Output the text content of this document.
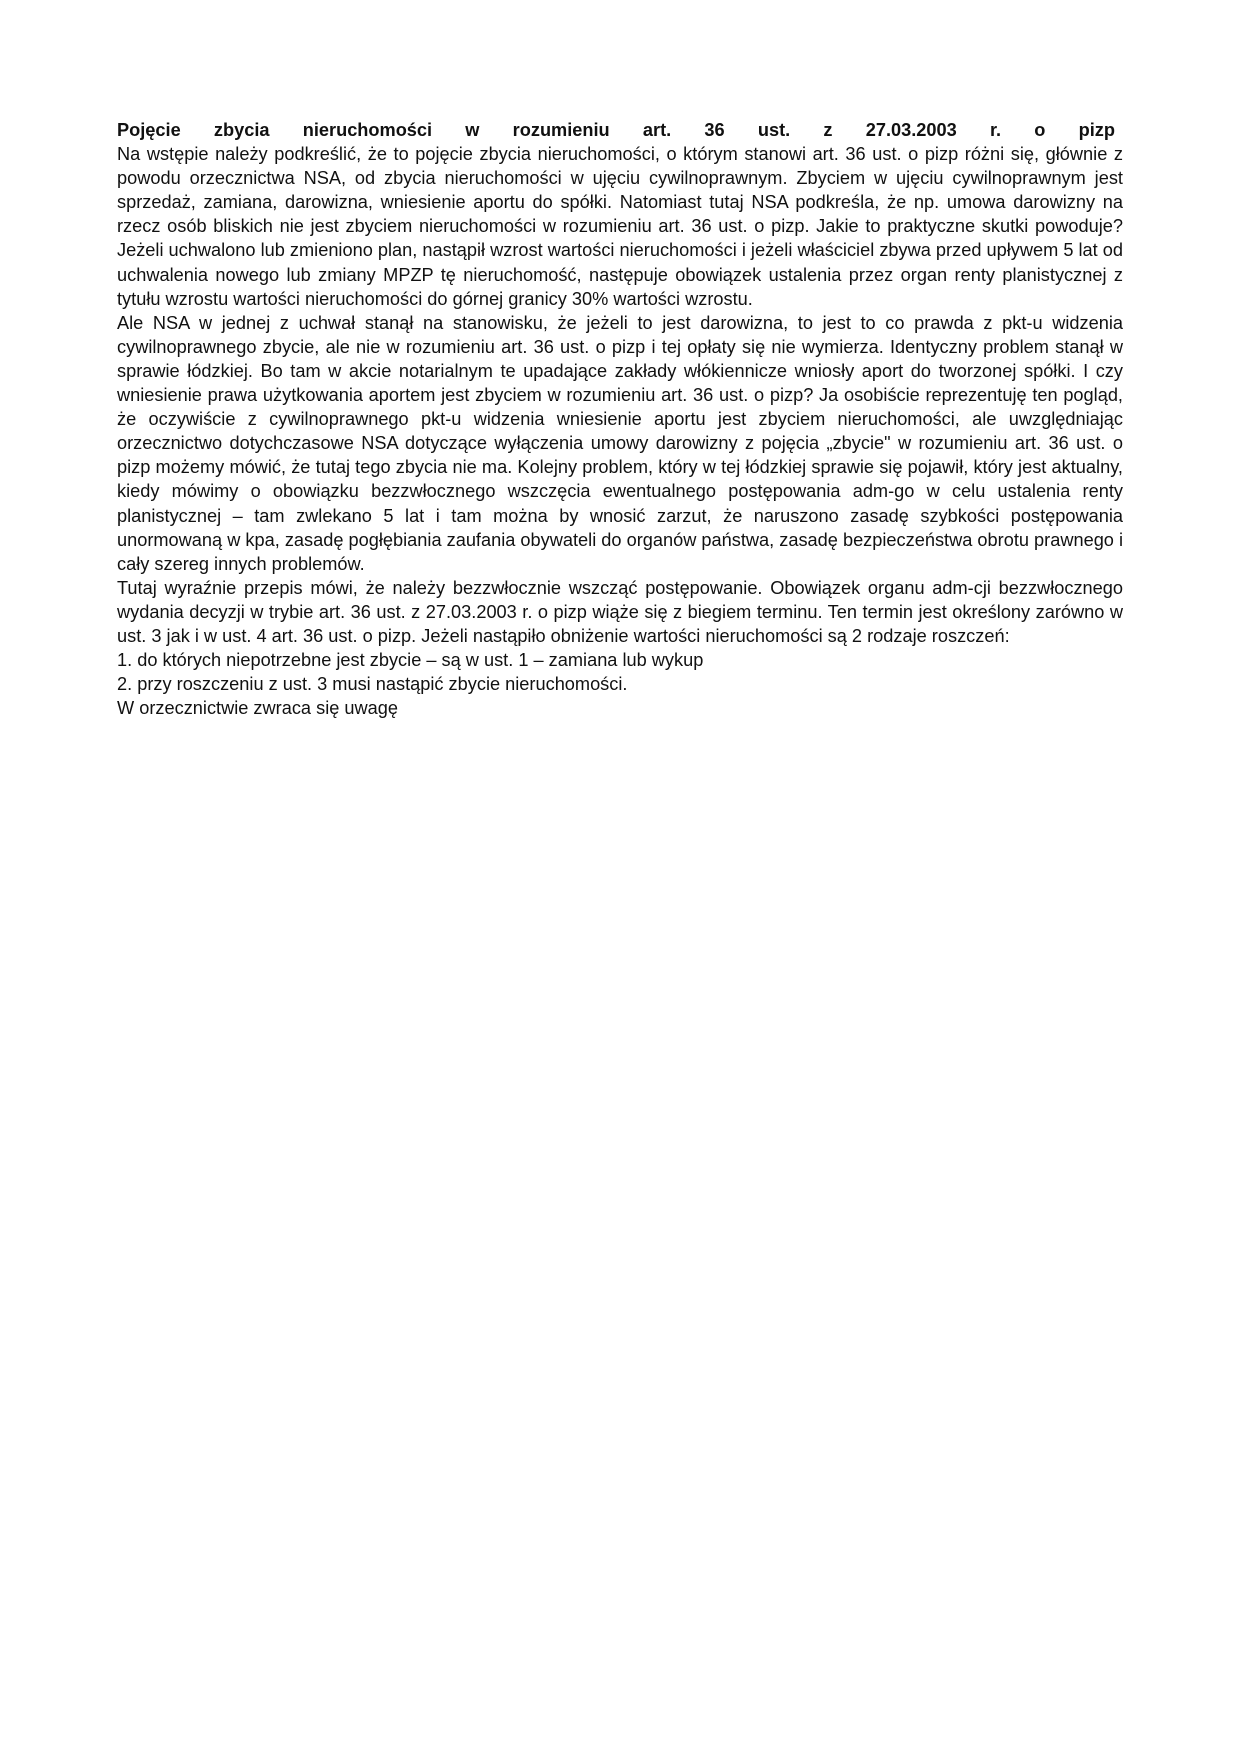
Pojęcie zbycia nieruchomości w rozumieniu art. 36 ust. z 27.03.2003 r. o pizp

Na wstępie należy podkreślić, że to pojęcie zbycia nieruchomości, o którym stanowi art. 36 ust. o pizp różni się, głównie z powodu orzecznictwa NSA, od zbycia nieruchomości w ujęciu cywilnoprawnym. Zbyciem w ujęciu cywilnoprawnym jest sprzedaż, zamiana, darowizna, wniesienie aportu do spółki. Natomiast tutaj NSA podkreśla, że np. umowa darowizny na rzecz osób bliskich nie jest zbyciem nieruchomości w rozumieniu art. 36 ust. o pizp. Jakie to praktyczne skutki powoduje? Jeżeli uchwalono lub zmieniono plan, nastąpił wzrost wartości nieruchomości i jeżeli właściciel zbywa przed upływem 5 lat od uchwalenia nowego lub zmiany MPZP tę nieruchomość, następuje obowiązek ustalenia przez organ renty planistycznej z tytułu wzrostu wartości nieruchomości do górnej granicy 30% wartości wzrostu.

Ale NSA w jednej z uchwał stanął na stanowisku, że jeżeli to jest darowizna, to jest to co prawda z pkt-u widzenia cywilnoprawnego zbycie, ale nie w rozumieniu art. 36 ust. o pizp i tej opłaty się nie wymierza. Identyczny problem stanął w sprawie łódzkiej. Bo tam w akcie notarialnym te upadające zakłady włókiennicze wniosły aport do tworzonej spółki. I czy wniesienie prawa użytkowania aportem jest zbyciem w rozumieniu art. 36 ust. o pizp? Ja osobiście reprezentuję ten pogląd, że oczywiście z cywilnoprawnego pkt-u widzenia wniesienie aportu jest zbyciem nieruchomości, ale uwzględniając orzecznictwo dotychczasowe NSA dotyczące wyłączenia umowy darowizny z pojęcia „zbycie" w rozumieniu art. 36 ust. o pizp możemy mówić, że tutaj tego zbycia nie ma. Kolejny problem, który w tej łódzkiej sprawie się pojawił, który jest aktualny, kiedy mówimy o obowiązku bezzwłocznego wszczęcia ewentualnego postępowania adm-go w celu ustalenia renty planistycznej – tam zwlekano 5 lat i tam można by wnosić zarzut, że naruszono zasadę szybkości postępowania unormowaną w kpa, zasadę pogłębiania zaufania obywateli do organów państwa, zasadę bezpieczeństwa obrotu prawnego i cały szereg innych problemów.

Tutaj wyraźnie przepis mówi, że należy bezzwłocznie wszcząć postępowanie. Obowiązek organu adm-cji bezzwłocznego wydania decyzji w trybie art. 36 ust. z 27.03.2003 r. o pizp wiąże się z biegiem terminu. Ten termin jest określony zarówno w ust. 3 jak i w ust. 4 art. 36 ust. o pizp. Jeżeli nastąpiło obniżenie wartości nieruchomości są 2 rodzaje roszczeń:

1. do których niepotrzebne jest zbycie – są w ust. 1 – zamiana lub wykup

2. przy roszczeniu z ust. 3 musi nastąpić zbycie nieruchomości.

W orzecznictwie zwraca się uwagę
